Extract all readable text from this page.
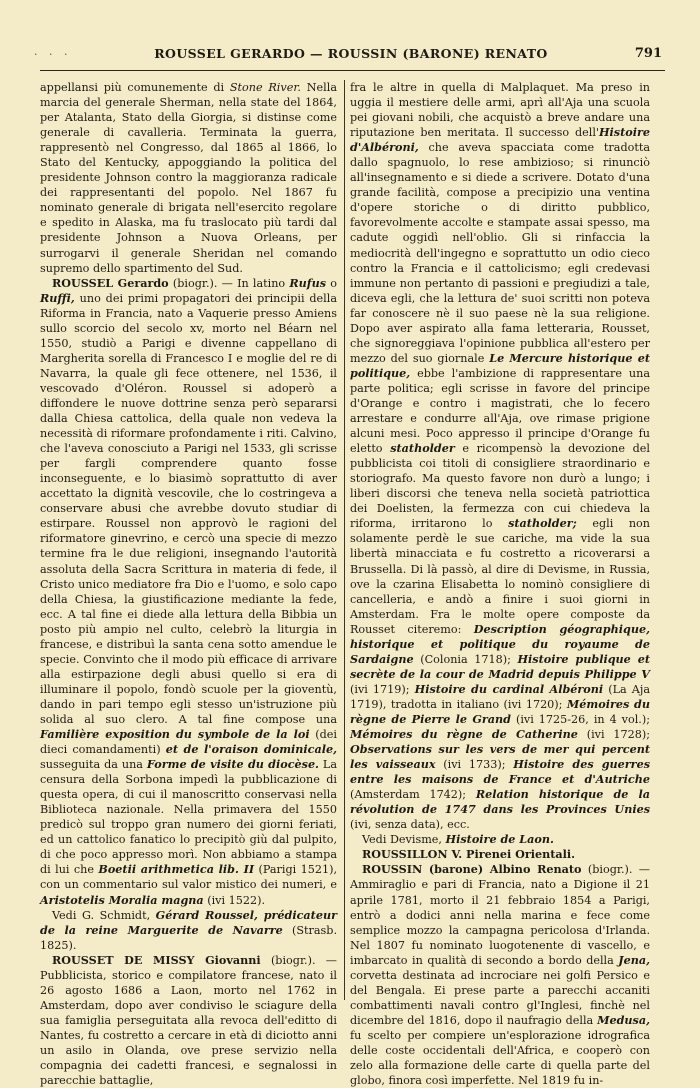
· · ·	ROUSSEL GERARDO — ROUSSIN (BARONE) RENATO	791

appellansi più comunemente di Stone River. Nella marcia del generale Sherman, nella state del 1864, per Atalanta, Stato della Giorgia, si distinse come generale di cavalleria. Terminata la guerra, rappresentò nel Congresso, dal 1865 al 1866, lo Stato del Kentucky, appoggiando la politica del presidente Johnson contro la maggioranza radicale dei rappresentanti del popolo. Nel 1867 fu nominato generale di brigata nell'esercito regolare e spedito in Alaska, ma fu traslocato più tardi dal presidente Johnson a Nuova Orleans, per surrogarvi il generale Sheridan nel comando supremo dello spartimento del Sud.

ROUSSEL Gerardo (biogr.). — In latino Rufus o Ruffi, uno dei primi propagatori dei principii della Riforma in Francia, nato a Vaquerie presso Amiens sullo scorcio del secolo xv, morto nel Béarn nel 1550, studiò a Parigi e divenne cappellano di Margherita sorella di Francesco I e moglie del re di Navarra, la quale gli fece ottenere, nel 1536, il vescovado d'Oléron. Roussel si adoperò a diffondere le nuove dottrine senza però separarsi dalla Chiesa cattolica, della quale non vedeva la necessità di riformare profondamente i riti. Calvino, che l'aveva conosciuto a Parigi nel 1533, gli scrisse per fargli comprendere quanto fosse inconseguente, e lo biasimò soprattutto di aver accettato la dignità vescovile, che lo costringeva a conservare abusi che avrebbe dovuto studiar di estirpare. Roussel non approvò le ragioni del riformatore ginevrino, e cercò una specie di mezzo termine fra le due religioni, insegnando l'autorità assoluta della Sacra Scrittura in materia di fede, il Cristo unico mediatore fra Dio e l'uomo, e solo capo della Chiesa, la giustificazione mediante la fede, ecc. A tal fine ei diede alla lettura della Bibbia un posto più ampio nel culto, celebrò la liturgia in francese, e distribuì la santa cena sotto amendue le specie. Convinto che il modo più efficace di arrivare alla estirpazione degli abusi quello si era di illuminare il popolo, fondò scuole per la gioventù, dando in pari tempo egli stesso un'istruzione più solida al suo clero. A tal fine compose una Familière exposition du symbole de la loi (dei dieci comandamenti) et de l'oraison dominicale, susseguita da una Forme de visite du diocèse. La censura della Sorbona impedì la pubblicazione di questa opera, di cui il manoscritto conservasi nella Biblioteca nazionale. Nella primavera del 1550 predicò sul troppo gran numero dei giorni feriati, ed un cattolico fanatico lo precipitò giù dal pulpito, di che poco appresso morì. Non abbiamo a stampa di lui che Boetii arithmetica lib. II (Parigi 1521), con un commentario sul valor mistico dei numeri, e Aristotelis Moralia magna (ivi 1522).

Vedi G. Schmidt, Gérard Roussel, prédicateur de la reine Marguerite de Navarre (Strasb. 1825).

ROUSSET DE MISSY Giovanni (biogr.). — Pubblicista, storico e compilatore francese, nato il 26 agosto 1686 a Laon, morto nel 1762 in Amsterdam, dopo aver condiviso le sciagure della sua famiglia perseguitata alla revoca dell'editto di Nantes, fu costretto a cercare in età di diciotto anni un asilo in Olanda, ove prese servizio nella compagnia dei cadetti francesi, e segnalossi in parecchie battaglie,

fra le altre in quella di Malplaquet. Ma preso in uggia il mestiere delle armi, aprì all'Aja una scuola pei giovani nobili, che acquistò a breve andare una riputazione ben meritata. Il successo dell'Histoire d'Albéroni, che aveva spacciata come tradotta dallo spagnuolo, lo rese ambizioso; si rinunciò all'insegnamento e si diede a scrivere. Dotato d'una grande facilità, compose a precipizio una ventina d'opere storiche o di diritto pubblico, favorevolmente accolte e stampate assai spesso, ma cadute oggidì nell'oblio. Gli si rinfaccia la mediocrità dell'ingegno e soprattutto un odio cieco contro la Francia e il cattolicismo; egli credevasi immune non pertanto di passioni e pregiudizi a tale, diceva egli, che la lettura de' suoi scritti non poteva far conoscere nè il suo paese nè la sua religione. Dopo aver aspirato alla fama letteraria, Rousset, che signoreggiava l'opinione pubblica all'estero per mezzo del suo giornale Le Mercure historique et politique, ebbe l'ambizione di rappresentare una parte politica; egli scrisse in favore del principe d'Orange e contro i magistrati, che lo fecero arrestare e condurre all'Aja, ove rimase prigione alcuni mesi. Poco appresso il principe d'Orange fu eletto statholder e ricompensò la devozione del pubblicista coi titoli di consigliere straordinario e storiografo. Ma questo favore non durò a lungo; i liberi discorsi che teneva nella società patriottica dei Doelisten, la fermezza con cui chiedeva la riforma, irritarono lo statholder; egli non solamente perdè le sue cariche, ma vide la sua libertà minacciata e fu costretto a ricoverarsi a Brussella. Di là passò, al dire di Devisme, in Russia, ove la czarina Elisabetta lo nominò consigliere di cancelleria, e andò a finire i suoi giorni in Amsterdam. Fra le molte opere composte da Rousset citeremo: Description géographique, historique et politique du royaume de Sardaigne (Colonia 1718); Histoire publique et secrète de la cour de Madrid depuis Philippe V (ivi 1719); Histoire du cardinal Albéroni (La Aja 1719), tradotta in italiano (ivi 1720); Mémoires du règne de Pierre le Grand (ivi 1725-26, in 4 vol.); Mémoires du règne de Catherine (ivi 1728); Observations sur les vers de mer qui percent les vaisseaux (ivi 1733); Histoire des guerres entre les maisons de France et d'Autriche (Amsterdam 1742); Relation historique de la révolution de 1747 dans les Provinces Unies (ivi, senza data), ecc.

Vedi Devisme, Histoire de Laon.

ROUSSILLON V. Pirenei Orientali.

ROUSSIN (barone) Albino Renato (biogr.). — Ammiraglio e pari di Francia, nato a Digione il 21 aprile 1781, morto il 21 febbraio 1854 a Parigi, entrò a dodici anni nella marina e fece come semplice mozzo la campagna pericolosa d'Irlanda. Nel 1807 fu nominato luogotenente di vascello, e imbarcato in qualità di secondo a bordo della Jena, corvetta destinata ad incrociare nei golfi Persico e del Bengala. Ei prese parte a parecchi accaniti combattimenti navali contro gl'Inglesi, finchè nel dicembre del 1816, dopo il naufragio della Medusa, fu scelto per compiere un'esplorazione idrografica delle coste occidentali dell'Africa, e cooperò con zelo alla formazione delle carte di quella parte del globo, finora così imperfette. Nel 1819 fu in-
